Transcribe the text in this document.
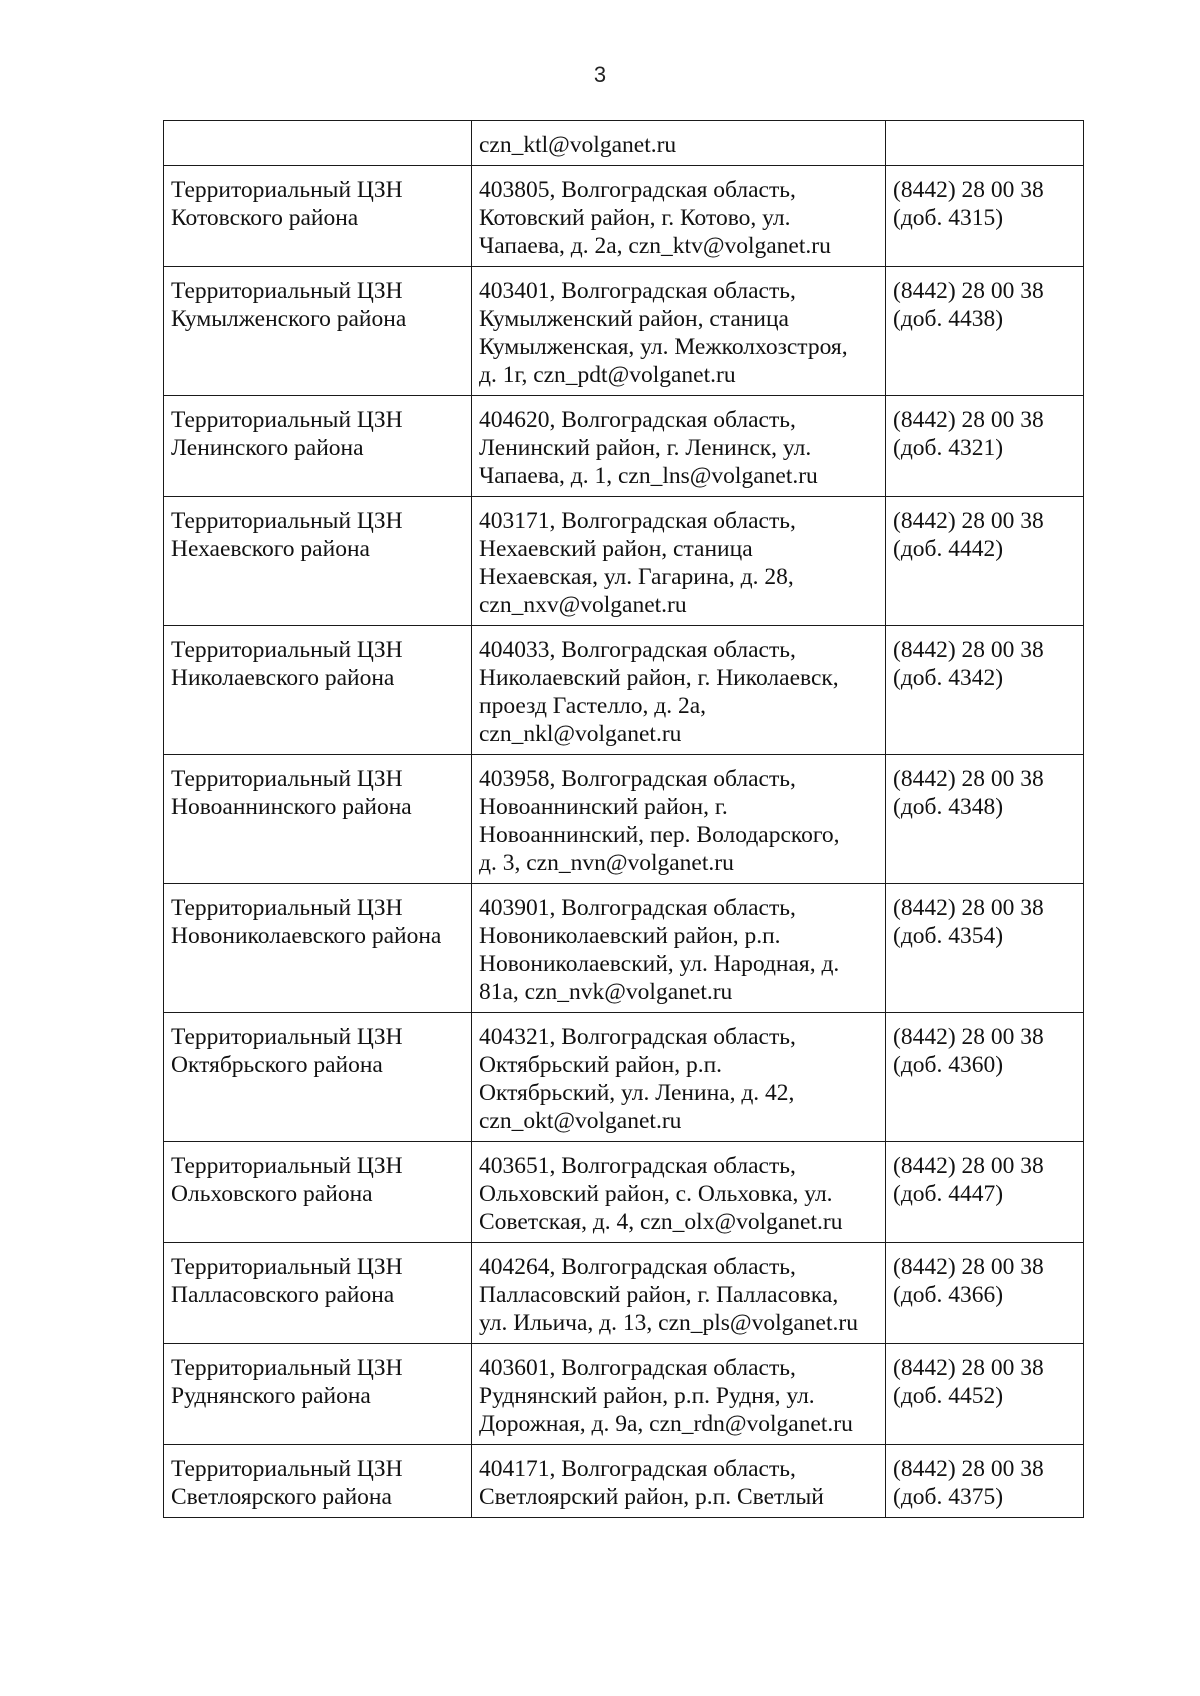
3

	czn_ktl@volganet.ru	

Территориальный ЦЗН
Котовского района	403805, Волгоградская область,
Котовский район, г. Котово, ул.
Чапаева, д. 2а, czn_ktv@volganet.ru	(8442) 28 00 38
(доб. 4315)

Территориальный ЦЗН
Кумылженского района	403401, Волгоградская область,
Кумылженский район, станица
Кумылженская, ул. Межколхозстроя,
д. 1г, czn_pdt@volganet.ru	(8442) 28 00 38
(доб. 4438)

Территориальный ЦЗН
Ленинского района	404620, Волгоградская область,
Ленинский район, г. Ленинск, ул.
Чапаева, д. 1, czn_lns@volganet.ru	(8442) 28 00 38
(доб. 4321)

Территориальный ЦЗН
Нехаевского района	403171, Волгоградская область,
Нехаевский район, станица
Нехаевская, ул. Гагарина, д. 28,
czn_nxv@volganet.ru	(8442) 28 00 38
(доб. 4442)

Территориальный ЦЗН
Николаевского района	404033, Волгоградская область,
Николаевский район, г. Николаевск,
проезд Гастелло, д. 2а,
czn_nkl@volganet.ru	(8442) 28 00 38
(доб. 4342)

Территориальный ЦЗН
Новоаннинского района	403958, Волгоградская область,
Новоаннинский район, г.
Новоаннинский, пер. Володарского,
д. 3, czn_nvn@volganet.ru	(8442) 28 00 38
(доб. 4348)

Территориальный ЦЗН
Новониколаевского района	403901, Волгоградская область,
Новониколаевский район, р.п.
Новониколаевский, ул. Народная, д.
81а, czn_nvk@volganet.ru	(8442) 28 00 38
(доб. 4354)

Территориальный ЦЗН
Октябрьского района	404321, Волгоградская область,
Октябрьский район, р.п.
Октябрьский, ул. Ленина, д. 42,
czn_okt@volganet.ru	(8442) 28 00 38
(доб. 4360)

Территориальный ЦЗН
Ольховского района	403651, Волгоградская область,
Ольховский район, с. Ольховка, ул.
Советская, д. 4, czn_olx@volganet.ru	(8442) 28 00 38
(доб. 4447)

Территориальный ЦЗН
Палласовского района	404264, Волгоградская область,
Палласовский район, г. Палласовка,
ул. Ильича, д. 13, czn_pls@volganet.ru	(8442) 28 00 38
(доб. 4366)

Территориальный ЦЗН
Руднянского района	403601, Волгоградская область,
Руднянский район, р.п. Рудня, ул.
Дорожная, д. 9а, czn_rdn@volganet.ru	(8442) 28 00 38
(доб. 4452)

Территориальный ЦЗН
Светлоярского района	404171, Волгоградская область,
Светлоярский район, р.п. Светлый	(8442) 28 00 38
(доб. 4375)
